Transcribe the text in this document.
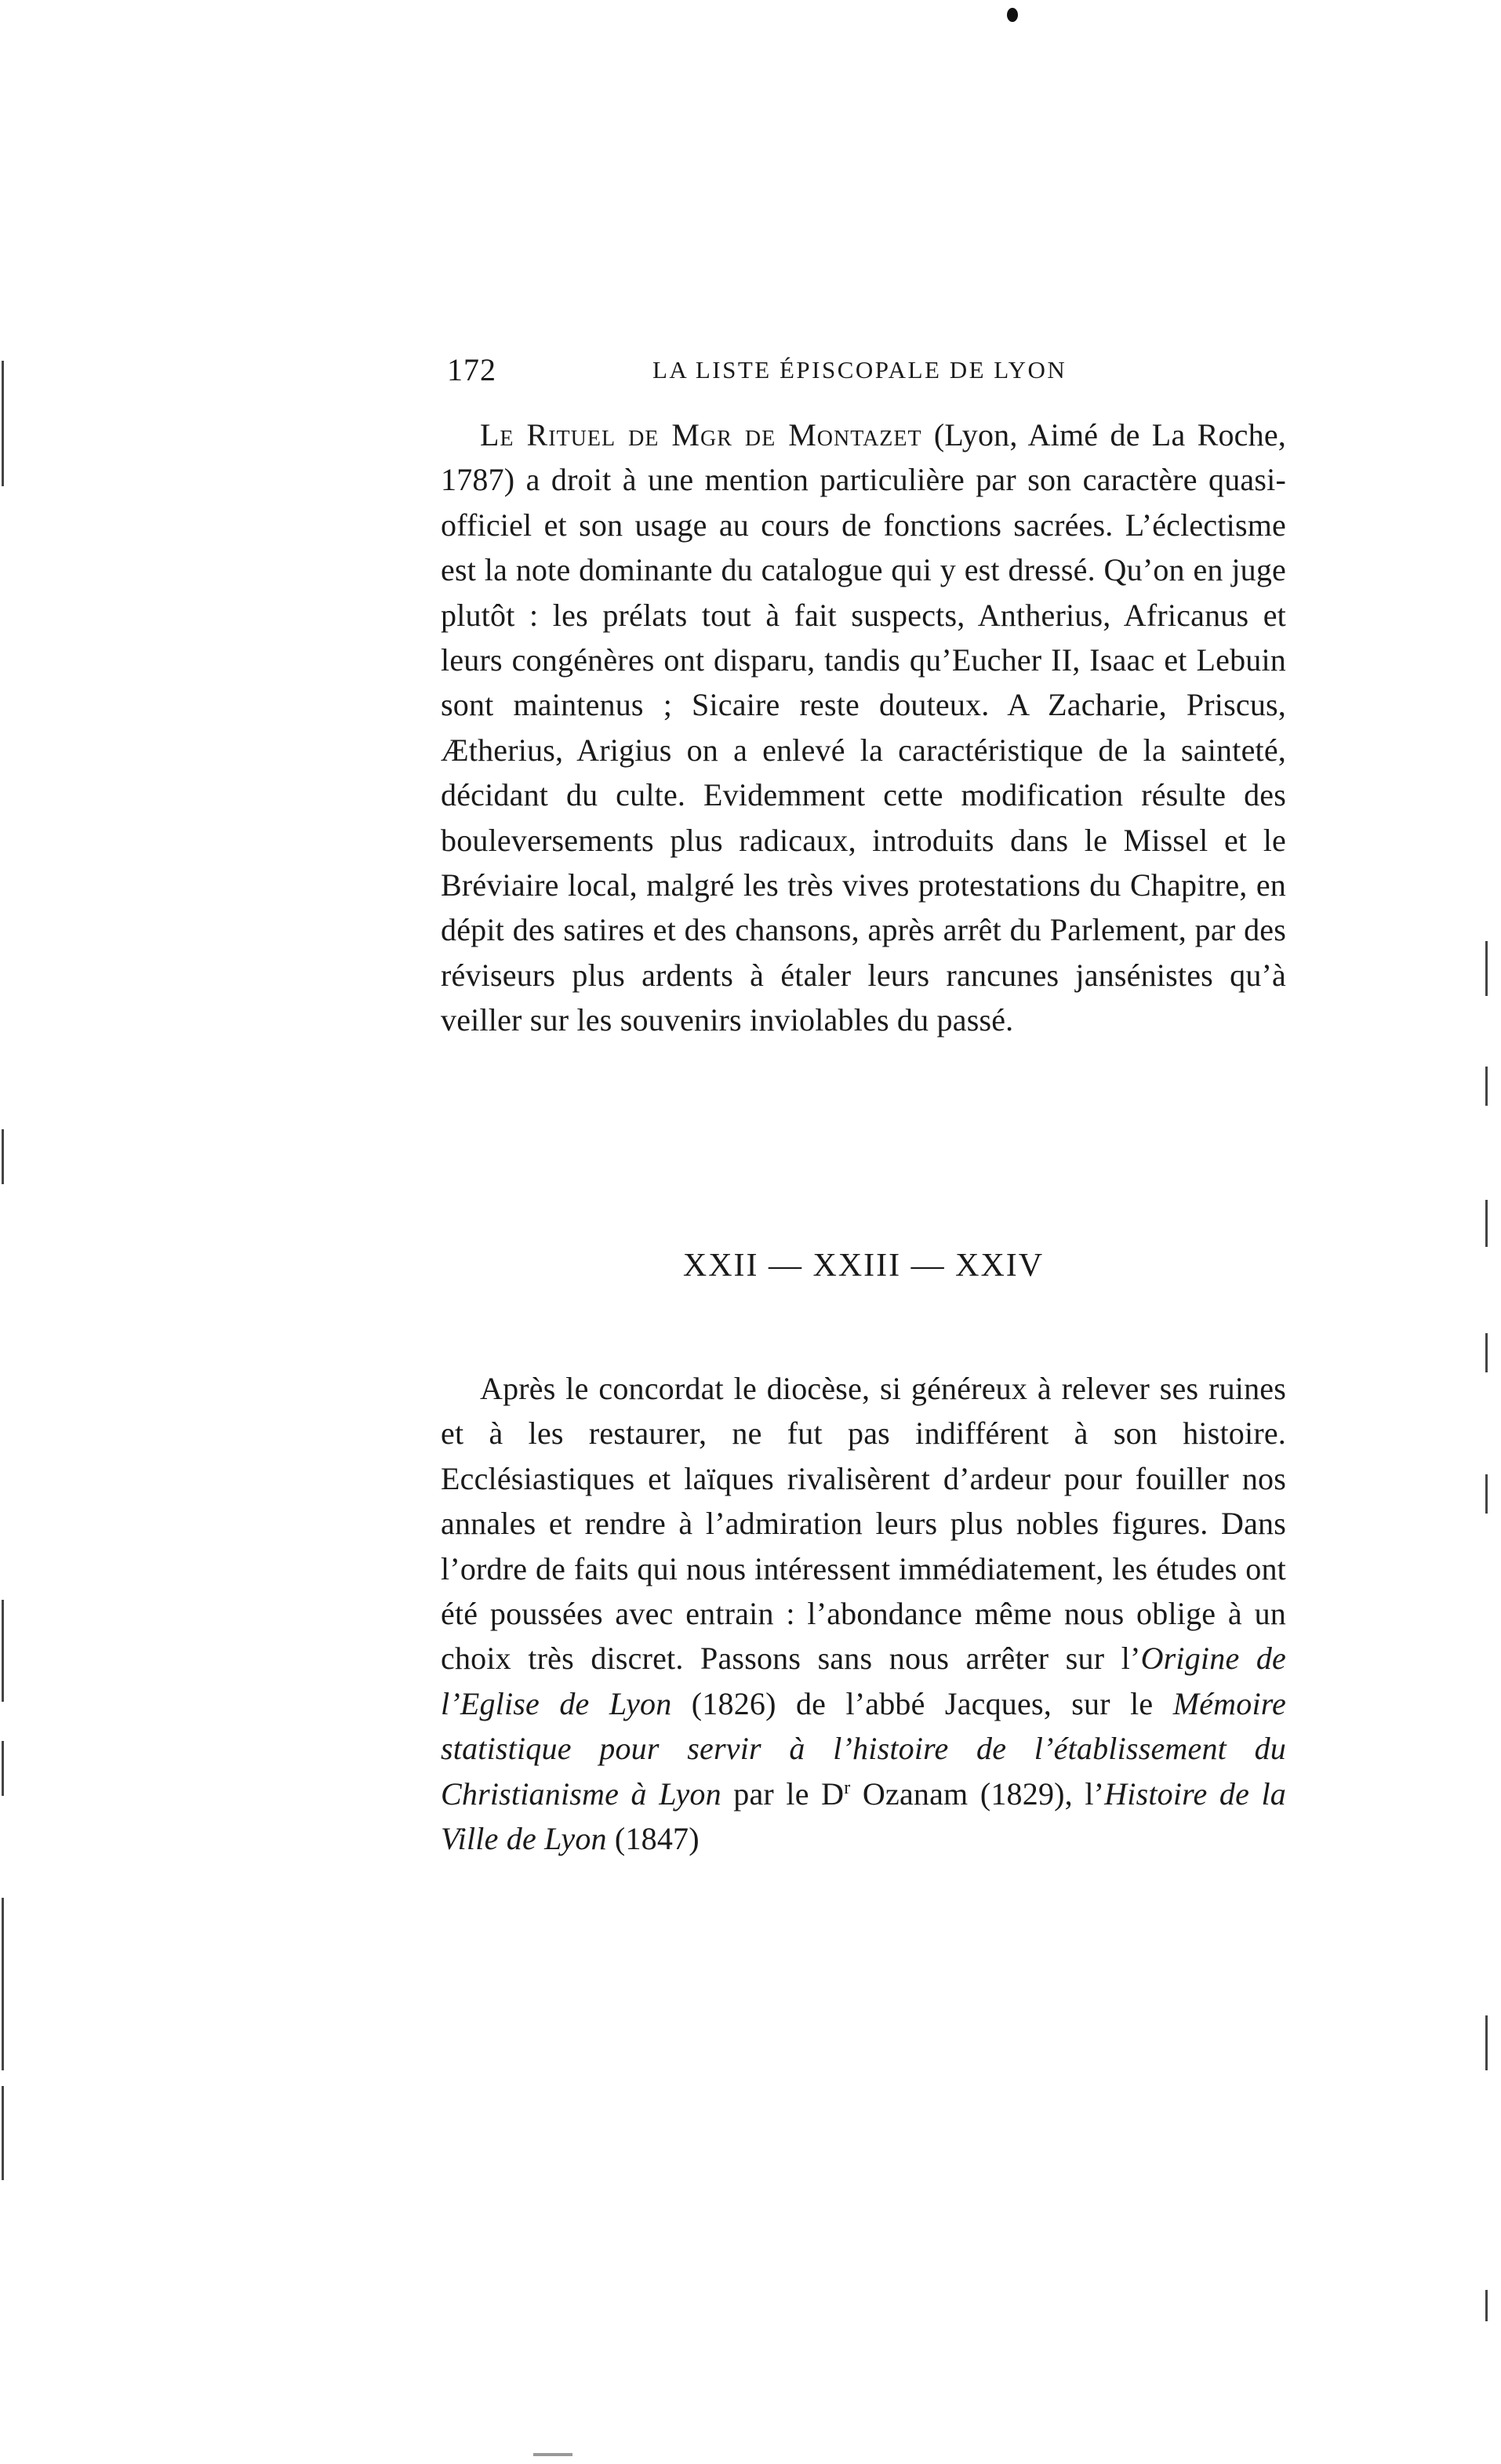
172	LA LISTE ÉPISCOPALE DE LYON

Le Rituel de Mgr de Montazet (Lyon, Aimé de La Roche, 1787) a droit à une mention particulière par son caractère quasi-officiel et son usage au cours de fonctions sacrées. L’éclectisme est la note dominante du catalogue qui y est dressé. Qu’on en juge plutôt : les prélats tout à fait suspects, Antherius, Africanus et leurs congénères ont disparu, tandis qu’Eucher II, Isaac et Lebuin sont maintenus ; Sicaire reste douteux. A Zacharie, Priscus, Ætherius, Arigius on a enlevé la caractéristique de la sainteté, décidant du culte. Evidemment cette modification résulte des bouleversements plus radicaux, introduits dans le Missel et le Bréviaire local, malgré les très vives protestations du Chapitre, en dépit des satires et des chansons, après arrêt du Parlement, par des réviseurs plus ardents à étaler leurs rancunes jansénistes qu’à veiller sur les souvenirs inviolables du passé.

XXII — XXIII — XXIV

Après le concordat le diocèse, si généreux à relever ses ruines et à les restaurer, ne fut pas indifférent à son histoire. Ecclésiastiques et laïques rivalisèrent d’ardeur pour fouiller nos annales et rendre à l’admiration leurs plus nobles figures. Dans l’ordre de faits qui nous intéressent immédiatement, les études ont été poussées avec entrain : l’abondance même nous oblige à un choix très discret. Passons sans nous arrêter sur l’Origine de l’Eglise de Lyon (1826) de l’abbé Jacques, sur le Mémoire statistique pour servir à l’histoire de l’établissement du Christianisme à Lyon par le $D^r$ Ozanam (1829), l’Histoire de la Ville de Lyon (1847)
